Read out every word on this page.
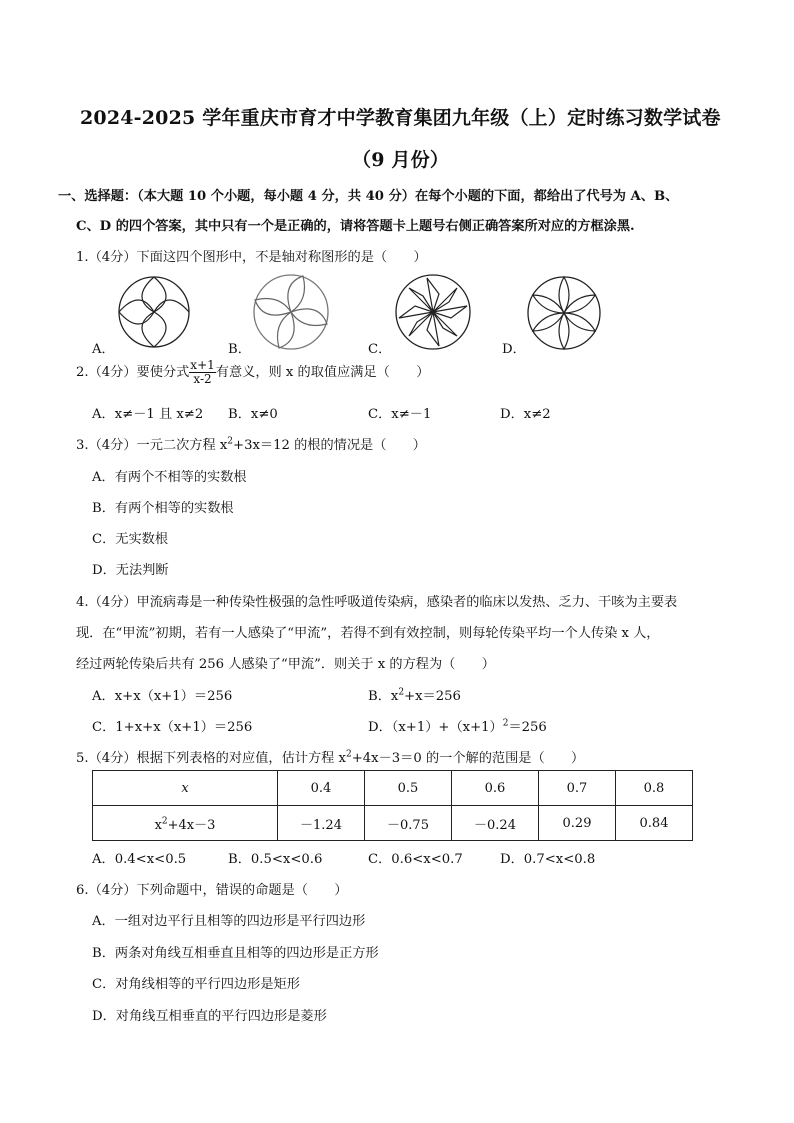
2024-2025 学年重庆市育才中学教育集团九年级（上）定时练习数学试卷
（9 月份）
一、选择题：（本大题 10 个小题，每小题 4 分，共 40 分）在每个小题的下面，都给出了代号为 A、B、
C、D 的四个答案，其中只有一个是正确的，请将答题卡上题号右侧正确答案所对应的方框涂黑.
1.（4分）下面这四个图形中，不是轴对称图形的是（　　）
A．	B．	C．	D．
2.（4分）要使分式 $\frac{x+1}{x-2}$ 有意义，则 x 的取值应满足（　　）
A．x≠－1 且 x≠2 B．x≠0	C．x≠－1	D．x≠2
3.（4分）一元二次方程 $x^2+3x=12$ 的根的情况是（　　）
A．有两个不相等的实数根
B．有两个相等的实数根
C．无实数根
D．无法判断
4.（4分）甲流病毒是一种传染性极强的急性呼吸道传染病，感染者的临床以发热、乏力、干咳为主要表
现．在“甲流”初期，若有一人感染了“甲流”，若得不到有效控制，则每轮传染平均一个人传染 x 人，
经过两轮传染后共有 256 人感染了“甲流”．则关于 x 的方程为（　　）
A．x+x（x+1）＝256	B．$x^2+x=256$
C．1+x+x（x+1）＝256	D．$(x+1)+(x+1)^2=256$
5.（4分）根据下列表格的对应值，估计方程 $x^2+4x-3=0$ 的一个解的范围是（　　）
x	0.4	0.5	0.6	0.7	0.8
$x^2+4x-3$	－1.24	－0.75	－0.24	0.29	0.84
A．0.4<x<0.5	B．0.5<x<0.6	C．0.6<x<0.7	D．0.7<x<0.8
6.（4分）下列命题中，错误的命题是（　　）
A．一组对边平行且相等的四边形是平行四边形
B．两条对角线互相垂直且相等的四边形是正方形
C．对角线相等的平行四边形是矩形
D．对角线互相垂直的平行四边形是菱形
